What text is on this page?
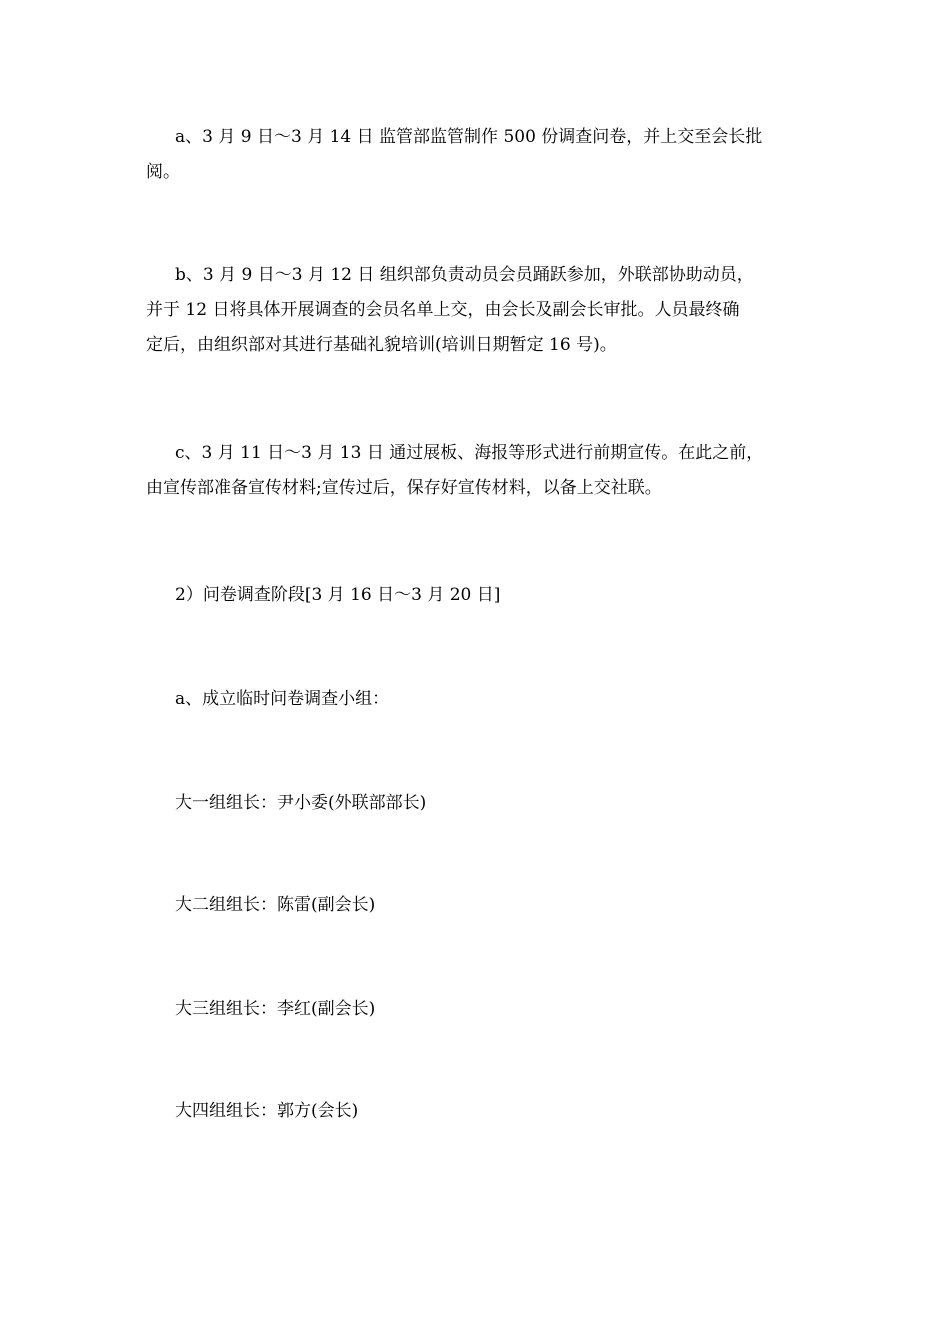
a、3 月 9 日～3 月 14 日 监管部监管制作 500 份调查问卷，并上交至会长批
阅。
b、3 月 9 日～3 月 12 日 组织部负责动员会员踊跃参加，外联部协助动员，
并于 12 日将具体开展调查的会员名单上交，由会长及副会长审批。人员最终确
定后，由组织部对其进行基础礼貌培训(培训日期暂定 16 号)。
c、3 月 11 日～3 月 13 日 通过展板、海报等形式进行前期宣传。在此之前，
由宣传部准备宣传材料;宣传过后，保存好宣传材料，以备上交社联。
2）问卷调查阶段[3 月 16 日～3 月 20 日]
a、成立临时问卷调查小组：
大一组组长：尹小委(外联部部长)
大二组组长：陈雷(副会长)
大三组组长：李红(副会长)
大四组组长：郭方(会长)
